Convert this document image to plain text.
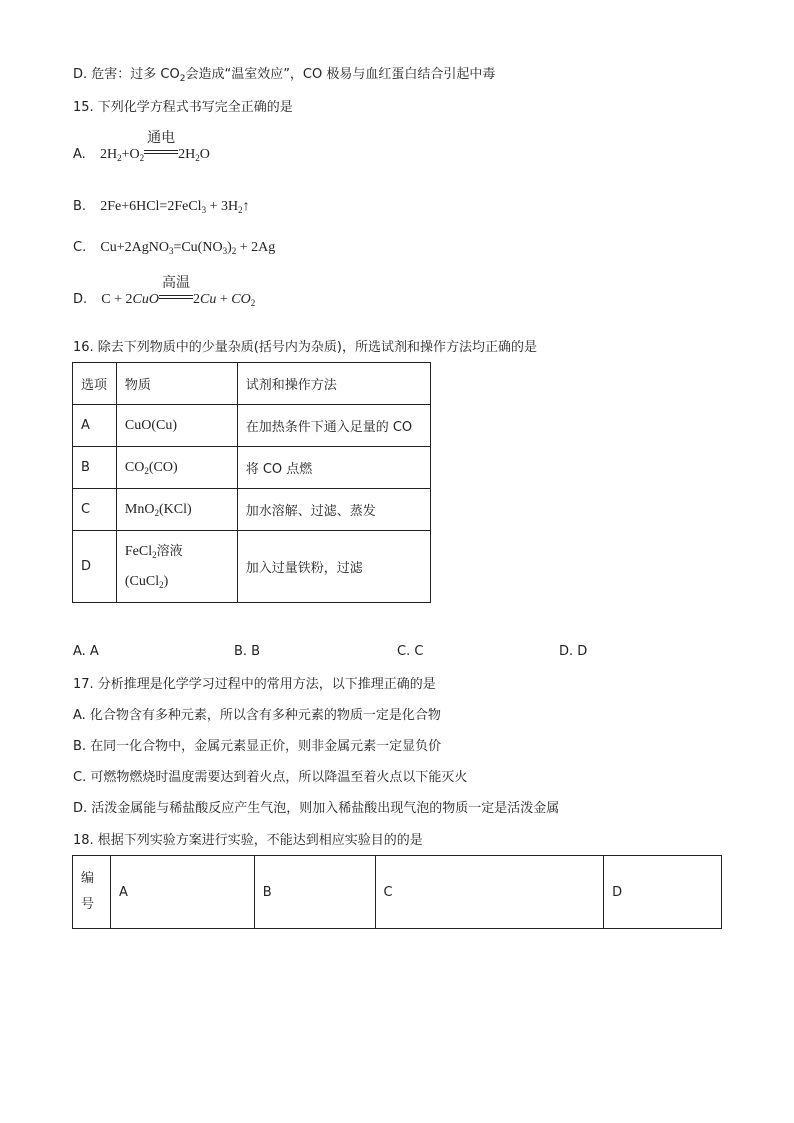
D. 危害：过多 $CO_2$会造成“温室效应”，CO 极易与血红蛋白结合引起中毒
15. 下列化学方程式书写完全正确的是
A. $2H_2+O_2$
通电
$2H_2O$
B. 2Fe+6HCl=2FeCl$_3$ + $3H_2↑$
C. $Cu+2AgNO_3=Cu(NO_3)_2 + 2Ag$
D. C + 2CuO
高温
$2Cu + CO_2$
16. 除去下列物质中的少量杂质(括号内为杂质)，所选试剂和操作方法均正确的是
选项	物质	试剂和操作方法
A	CuO(Cu)	在加热条件下通入足量的 CO
B	$CO_2(CO)$	将 CO 点燃
C	MnO$_2$(KCl)	加水溶解、过滤、蒸发
D	FeCl$_2$溶液
(CuCl$_2$)	加入过量铁粉，过滤
A. A	B. B	C. C	D. D
17. 分析推理是化学学习过程中的常用方法，以下推理正确的是
A. 化合物含有多种元素，所以含有多种元素的物质一定是化合物
B. 在同一化合物中，金属元素显正价，则非金属元素一定显负价
C. 可燃物燃烧时温度需要达到着火点，所以降温至着火点以下能灭火
D. 活泼金属能与稀盐酸反应产生气泡，则加入稀盐酸出现气泡的物质一定是活泼金属
18. 根据下列实验方案进行实验，不能达到相应实验目的的是
编
号	A	B	C	D
